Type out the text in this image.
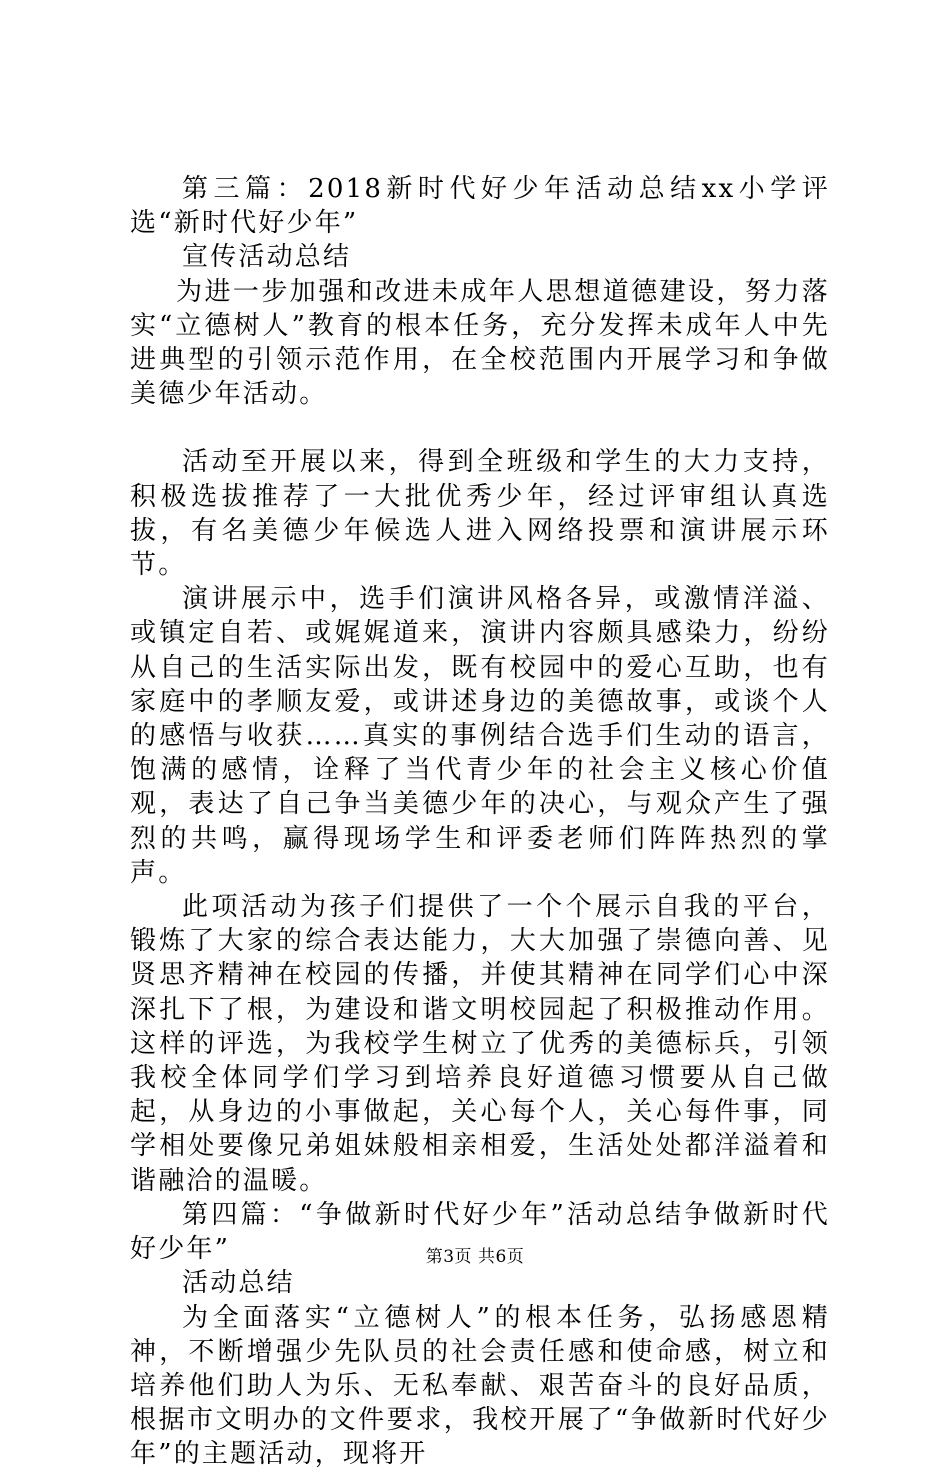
第三篇：2018新时代好少年活动总结xx小学评选“新时代好少年”

宣传活动总结

为进一步加强和改进未成年人思想道德建设，努力落实“立德树人”教育的根本任务，充分发挥未成年人中先进典型的引领示范作用，在全校范围内开展学习和争做美德少年活动。

活动至开展以来，得到全班级和学生的大力支持，积极选拔推荐了一大批优秀少年，经过评审组认真选拔，有名美德少年候选人进入网络投票和演讲展示环节。

演讲展示中，选手们演讲风格各异，或激情洋溢、或镇定自若、或娓娓道来，演讲内容颇具感染力，纷纷从自己的生活实际出发，既有校园中的爱心互助，也有家庭中的孝顺友爱，或讲述身边的美德故事，或谈个人的感悟与收获……真实的事例结合选手们生动的语言，饱满的感情，诠释了当代青少年的社会主义核心价值观，表达了自己争当美德少年的决心，与观众产生了强烈的共鸣，赢得现场学生和评委老师们阵阵热烈的掌声。

此项活动为孩子们提供了一个个展示自我的平台，锻炼了大家的综合表达能力，大大加强了崇德向善、见贤思齐精神在校园的传播，并使其精神在同学们心中深深扎下了根，为建设和谐文明校园起了积极推动作用。这样的评选，为我校学生树立了优秀的美德标兵，引领我校全体同学们学习到培养良好道德习惯要从自己做起，从身边的小事做起，关心每个人，关心每件事，同学相处要像兄弟姐妹般相亲相爱，生活处处都洋溢着和谐融洽的温暖。

第四篇：“争做新时代好少年”活动总结争做新时代好少年”

活动总结

为全面落实“立德树人”的根本任务，弘扬感恩精神，不断增强少先队员的社会责任感和使命感，树立和培养他们助人为乐、无私奉献、艰苦奋斗的良好品质，根据市文明办的文件要求，我校开展了“争做新时代好少年”的主题活动，现将开

第3页 共6页
